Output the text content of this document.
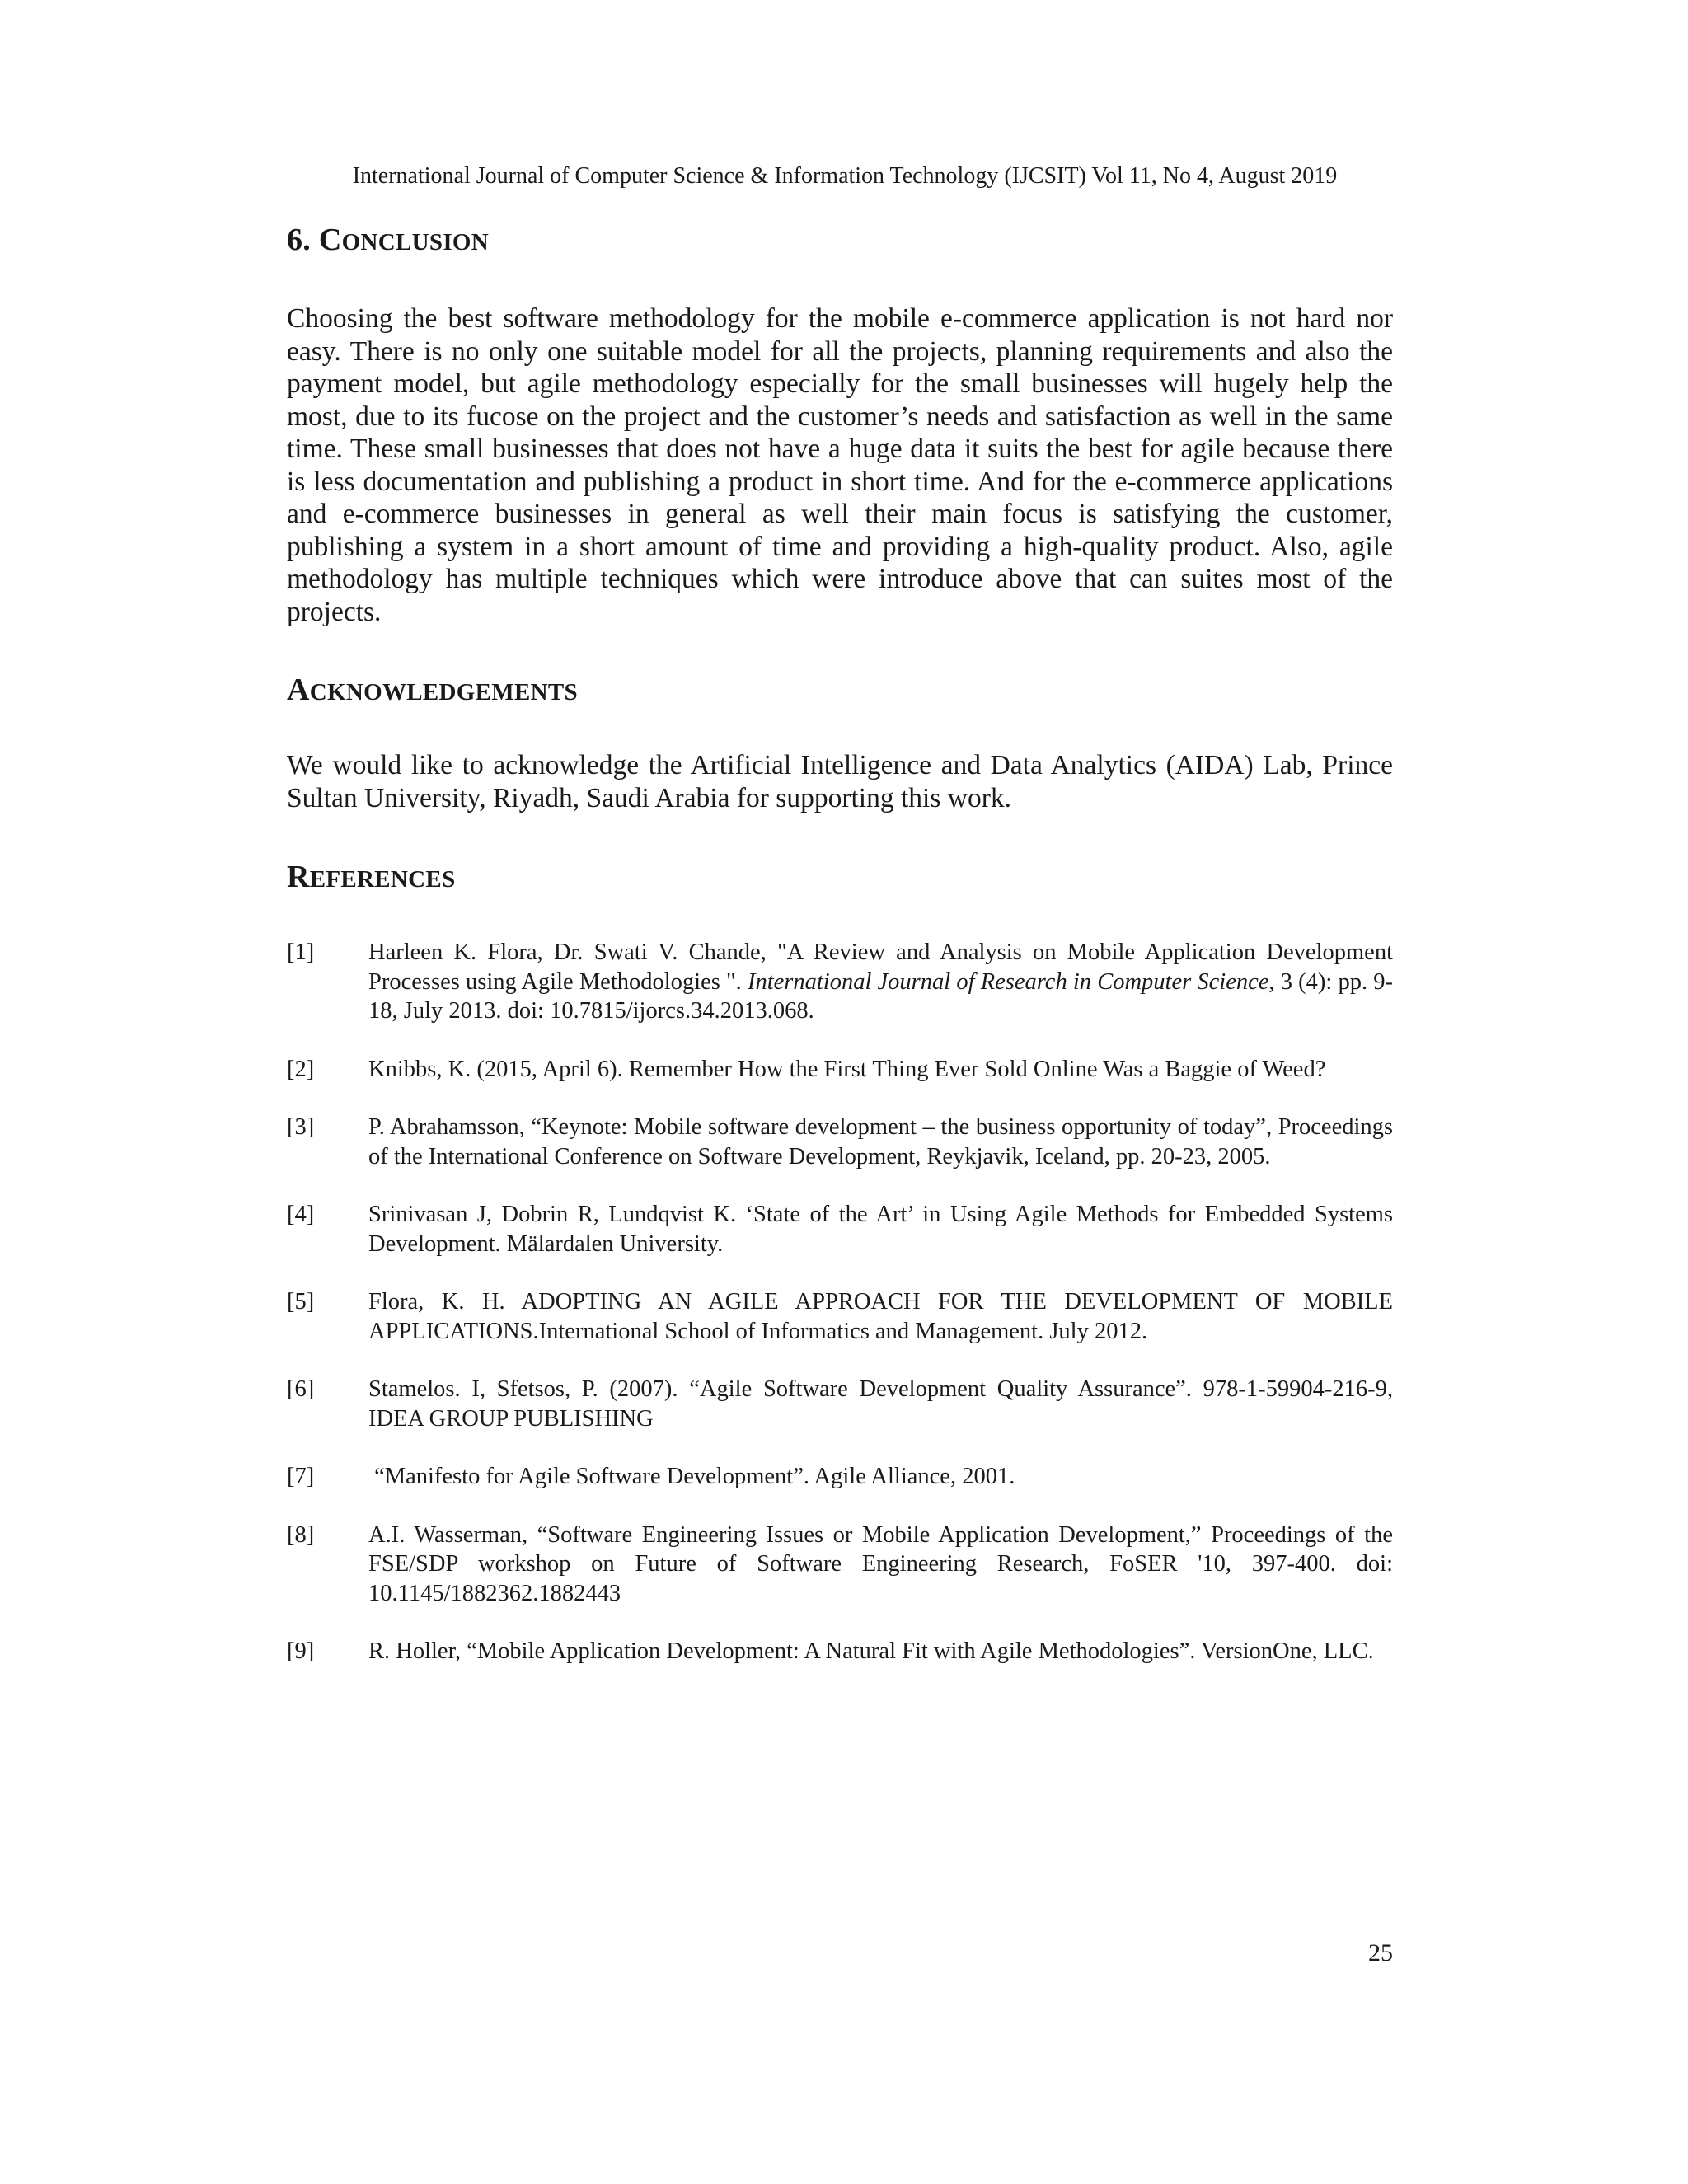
International Journal of Computer Science & Information Technology (IJCSIT) Vol 11, No 4, August 2019
6. CONCLUSION

Choosing the best software methodology for the mobile e-commerce application is not hard nor easy. There is no only one suitable model for all the projects, planning requirements and also the payment model, but agile methodology especially for the small businesses will hugely help the most, due to its fucose on the project and the customer’s needs and satisfaction as well in the same time. These small businesses that does not have a huge data it suits the best for agile because there is less documentation and publishing a product in short time. And for the e-commerce applications and e-commerce businesses in general as well their main focus is satisfying the customer, publishing a system in a short amount of time and providing a high-quality product. Also, agile methodology has multiple techniques which were introduce above that can suites most of the projects.

ACKNOWLEDGEMENTS

We would like to acknowledge the Artificial Intelligence and Data Analytics (AIDA) Lab, Prince Sultan University, Riyadh, Saudi Arabia for supporting this work.

REFERENCES
[1]	Harleen K. Flora, Dr. Swati V. Chande, "A Review and Analysis on Mobile Application Development Processes using Agile Methodologies ". International Journal of Research in Computer Science, 3 (4): pp. 9-18, July 2013. doi: 10.7815/ijorcs.34.2013.068.
[2]	Knibbs, K. (2015, April 6). Remember How the First Thing Ever Sold Online Was a Baggie of Weed?
[3]	P. Abrahamsson, “Keynote: Mobile software development – the business opportunity of today”, Proceedings of the International Conference on Software Development, Reykjavik, Iceland, pp. 20-23, 2005.
[4]	Srinivasan J, Dobrin R, Lundqvist K. ‘State of the Art’ in Using Agile Methods for Embedded Systems Development. Mälardalen University.
[5]	Flora, K. H. ADOPTING AN AGILE APPROACH FOR THE DEVELOPMENT OF MOBILE APPLICATIONS.International School of Informatics and Management. July 2012.
[6]	Stamelos. I, Sfetsos, P. (2007). “Agile Software Development Quality Assurance”. 978-1-59904-216-9, IDEA GROUP PUBLISHING
[7]	“Manifesto for Agile Software Development”. Agile Alliance, 2001.
[8]	A.I. Wasserman, “Software Engineering Issues or Mobile Application Development,” Proceedings of the FSE/SDP workshop on Future of Software Engineering Research, FoSER '10, 397-400. doi: 10.1145/1882362.1882443
[9]	R. Holler, “Mobile Application Development: A Natural Fit with Agile Methodologies”. VersionOne, LLC.
25
